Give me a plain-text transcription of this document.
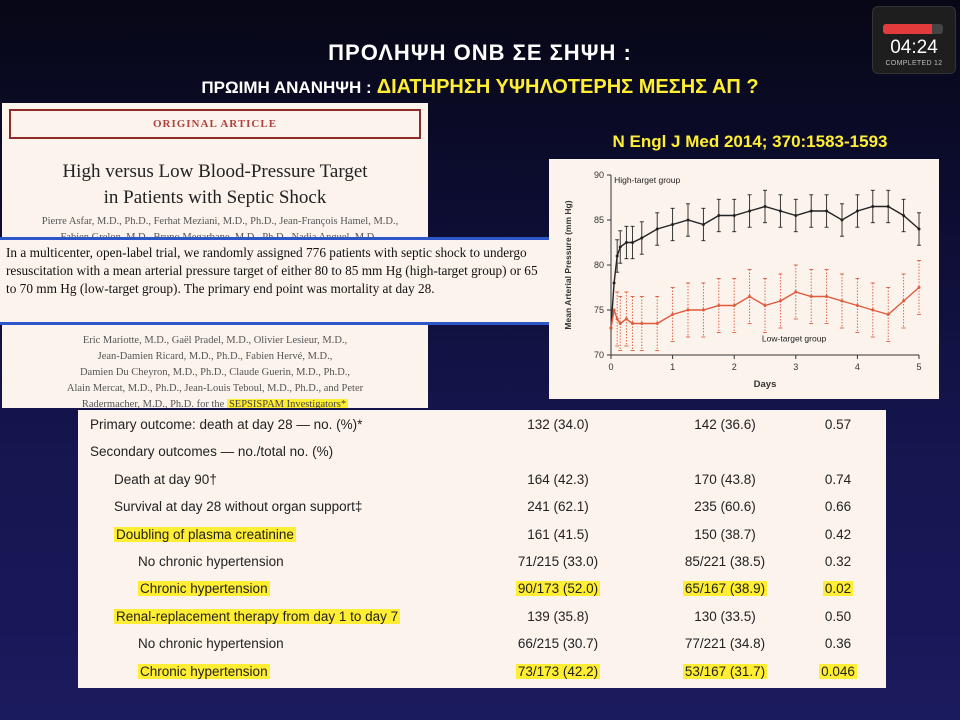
ΠΡΟΛΗΨΗ ΟΝΒ ΣΕ ΣΗΨΗ :
ΠΡΩΙΜΗ ΑΝΑΝΗΨΗ : ΔΙΑΤΗΡΗΣΗ ΥΨΗΛΟΤΕΡΗΣ ΜΕΣΗΣ ΑΠ ?
ORIGINAL ARTICLE
High versus Low Blood-Pressure Target
in Patients with Septic Shock
Pierre Asfar, M.D., Ph.D., Ferhat Meziani, M.D., Ph.D., Jean-François Hamel, M.D.,
Eric Mariotte, M.D., Gaël Pradel, M.D., Olivier Lesieur, M.D.,
Jean-Damien Ricard, M.D., Ph.D., Fabien Hervé, M.D.,
Damien Du Cheyron, M.D., Ph.D., Claude Guerin, M.D., Ph.D.,
Alain Mercat, M.D., Ph.D., Jean-Louis Teboul, M.D., Ph.D., and Peter
Radermacher, M.D., Ph.D. for the SEPSISPAM Investigators*
In a multicenter, open-label trial, we randomly assigned 776 patients with septic shock to undergo resuscitation with a mean arterial pressure target of either 80 to 85 mm Hg (high-target group) or 65 to 70 mm Hg (low-target group). The primary end point was mortality at day 28.
N Engl J Med 2014; 370:1583-1593
70
75
80
85
90
0	1	2	3	4	5
Days
Mean Arterial Pressure (mm Hg)
High-target group
Low-target group
Primary outcome: death at day 28 — no. (%)*	132 (34.0)	142 (36.6)	0.57
Secondary outcomes — no./total no. (%)
Death at day 90†	164 (42.3)	170 (43.8)	0.74
Survival at day 28 without organ support‡	241 (62.1)	235 (60.6)	0.66
Doubling of plasma creatinine	161 (41.5)	150 (38.7)	0.42
No chronic hypertension	71/215 (33.0)	85/221 (38.5)	0.32
Chronic hypertension	90/173 (52.0)	65/167 (38.9)	0.02
Renal-replacement therapy from day 1 to day 7	139 (35.8)	130 (33.5)	0.50
No chronic hypertension	66/215 (30.7)	77/221 (34.8)	0.36
Chronic hypertension	73/173 (42.2)	53/167 (31.7)	0.046
04:24
COMPLETED 12
